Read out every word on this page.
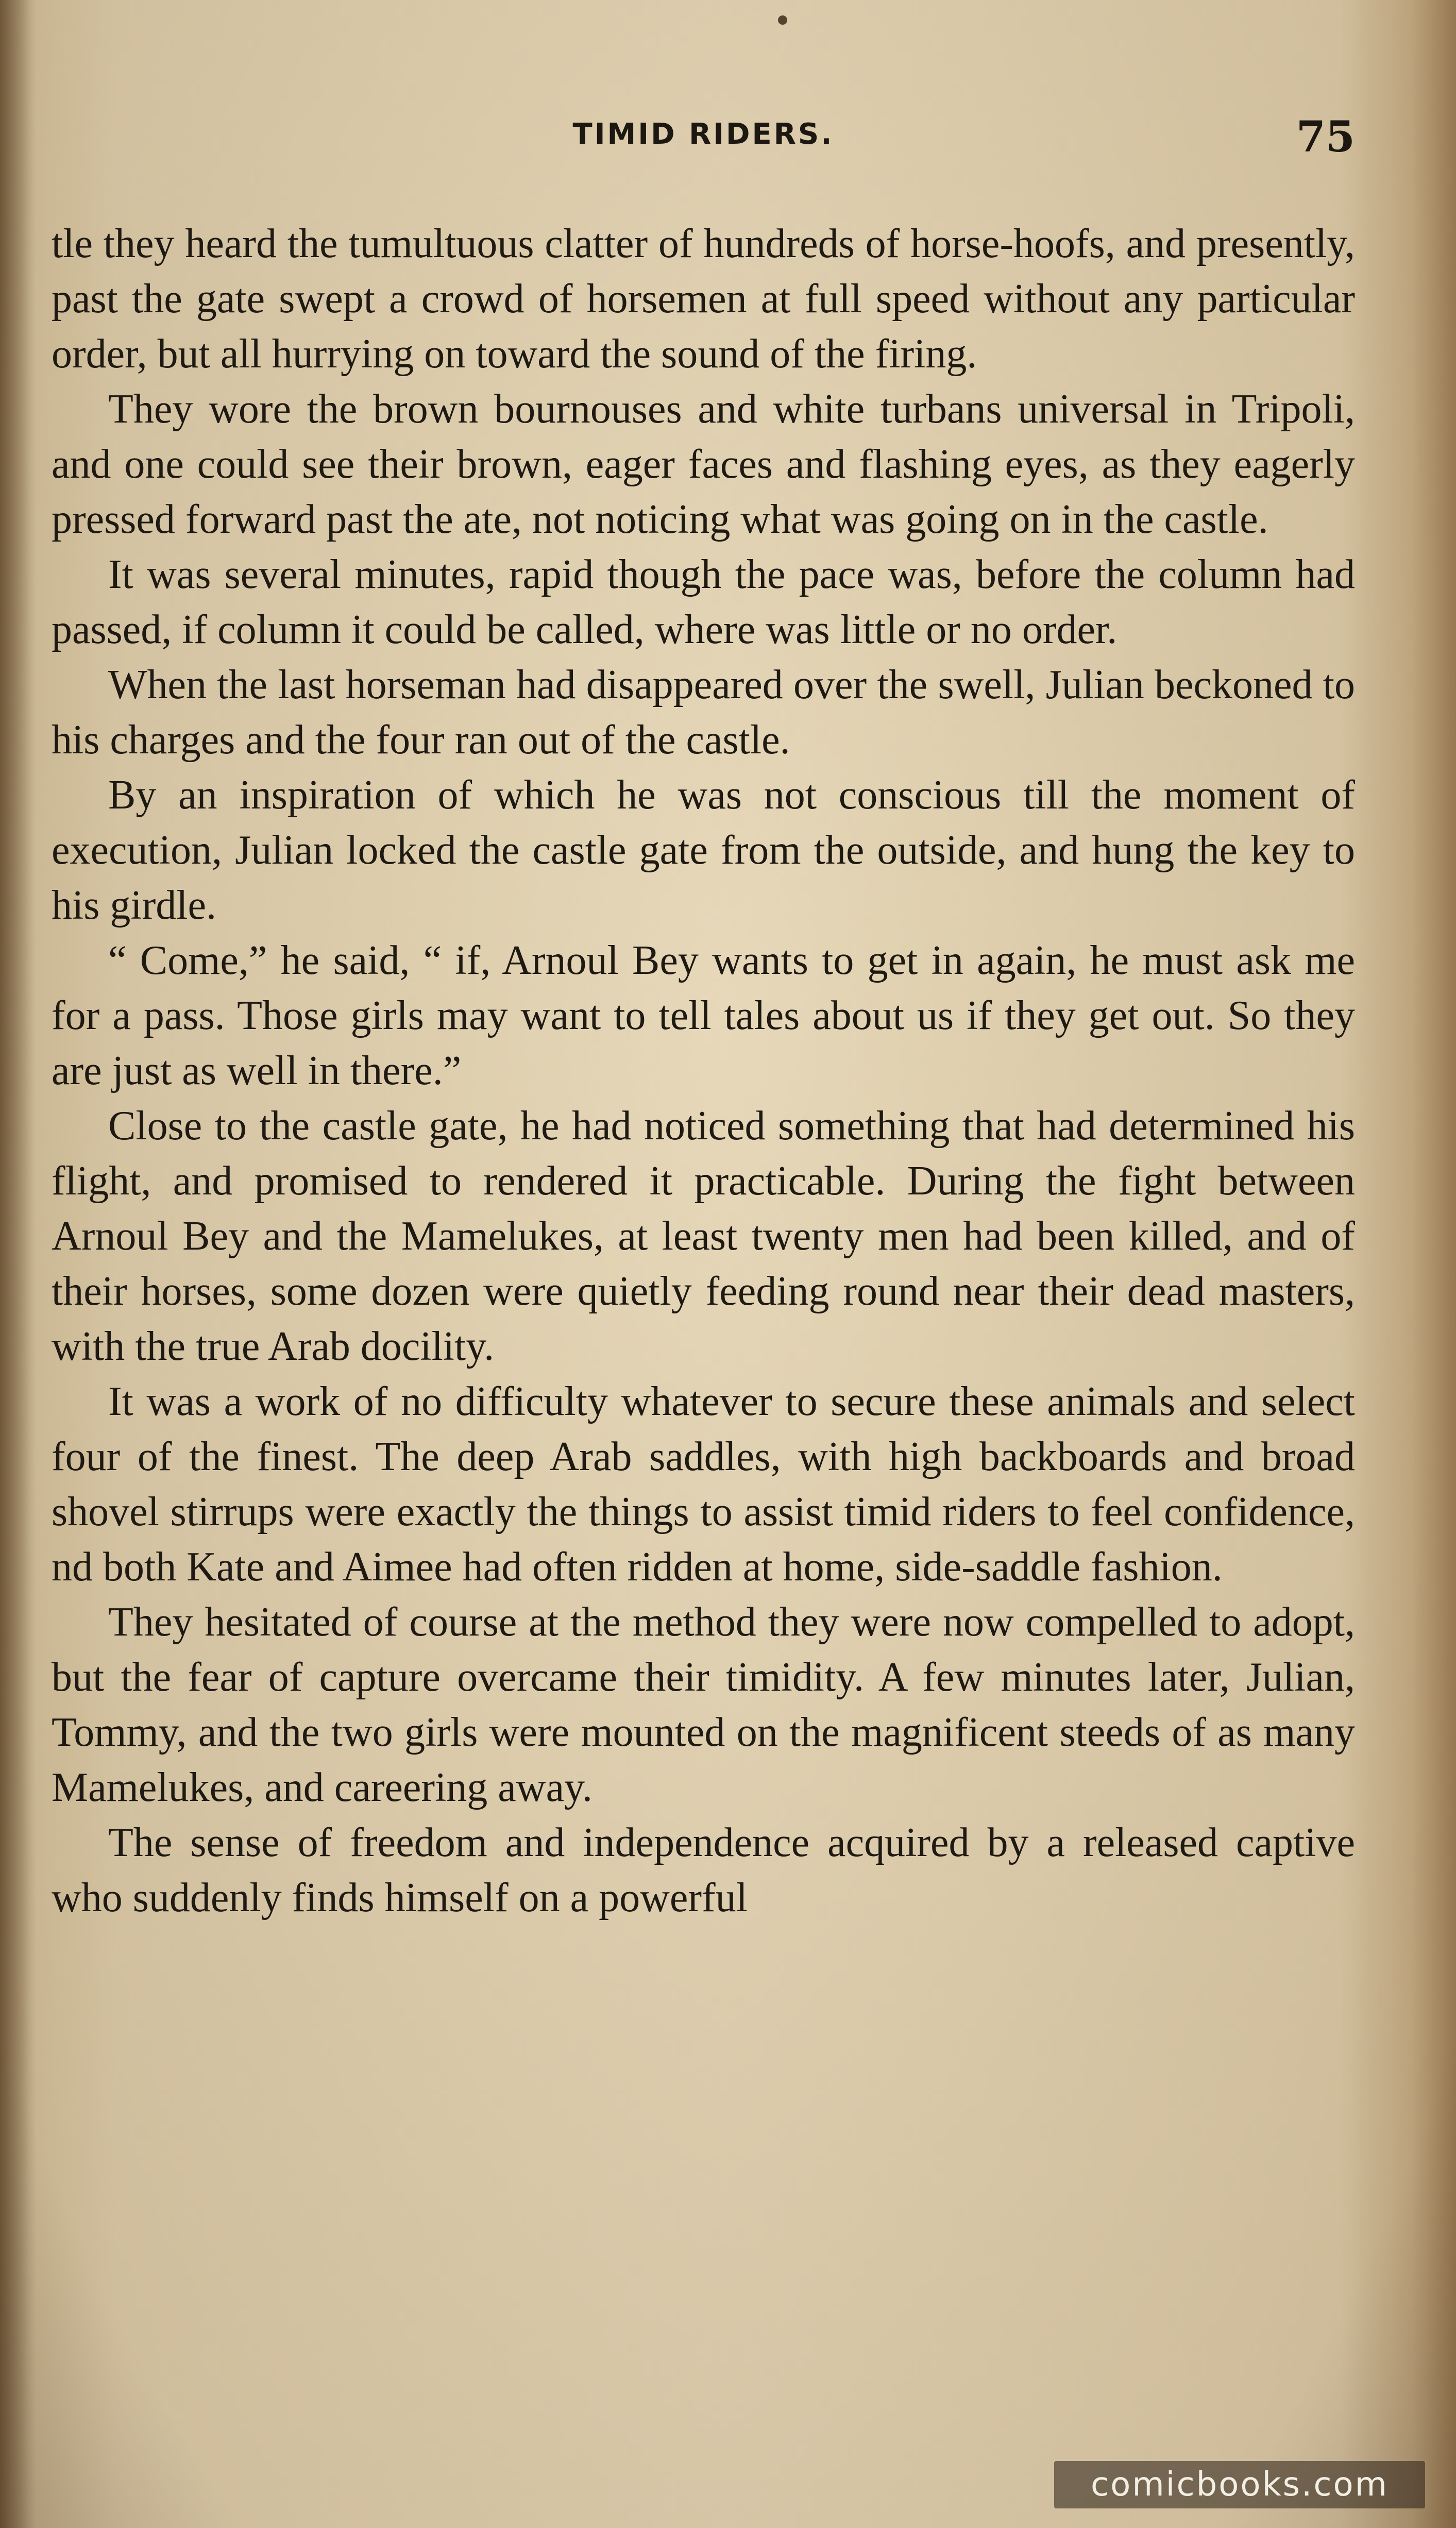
TIMID RIDERS.	75

tle they heard the tumultuous clatter of hundreds of horse-hoofs, and presently, past the gate swept a crowd of horsemen at full speed without any particular order, but all hurrying on toward the sound of the firing.

They wore the brown bournouses and white turbans universal in Tripoli, and one could see their brown, eager faces and flashing eyes, as they eagerly pressed forward past the ate, not noticing what was going on in the castle.

It was several minutes, rapid though the pace was, before the column had passed, if column it could be called, where was little or no order.

When the last horseman had disappeared over the swell, Julian beckoned to his charges and the four ran out of the castle.

By an inspiration of which he was not conscious till the moment of execution, Julian locked the castle gate from the outside, and hung the key to his girdle.

“ Come,” he said, “ if, Arnoul Bey wants to get in again, he must ask me for a pass. Those girls may want to tell tales about us if they get out. So they are just as well in there.”

Close to the castle gate, he had noticed something that had determined his flight, and promised to rendered it practicable. During the fight between Arnoul Bey and the Mamelukes, at least twenty men had been killed, and of their horses, some dozen were quietly feeding round near their dead masters, with the true Arab docility.

It was a work of no difficulty whatever to secure these animals and select four of the finest. The deep Arab saddles, with high backboards and broad shovel stirrups were exactly the things to assist timid riders to feel confidence, nd both Kate and Aimee had often ridden at home, side-saddle fashion.

They hesitated of course at the method they were now compelled to adopt, but the fear of capture overcame their timidity. A few minutes later, Julian, Tommy, and the two girls were mounted on the magnificent steeds of as many Mamelukes, and careering away.

The sense of freedom and independence acquired by a released captive who suddenly finds himself on a powerful

comicbooks.com
